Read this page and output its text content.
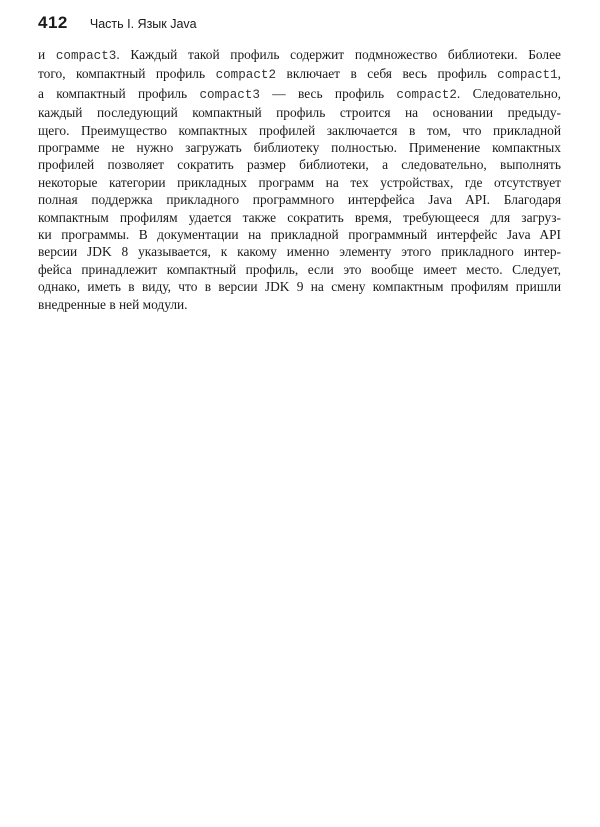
412 Часть I. Язык Java

и compact3. Каждый такой профиль содержит подмножество библиотеки. Более
того, компактный профиль compact2 включает в себя весь профиль compact1,
а компактный профиль compact3 — весь профиль compact2. Следовательно,
каждый последующий компактный профиль строится на основании предыду-
щего. Преимущество компактных профилей заключается в том, что прикладной
программе не нужно загружать библиотеку полностью. Применение компактных
профилей позволяет сократить размер библиотеки, а следовательно, выполнять
некоторые категории прикладных программ на тех устройствах, где отсутствует
полная поддержка прикладного программного интерфейса Java API. Благодаря
компактным профилям удается также сократить время, требующееся для загруз-
ки программы. В документации на прикладной программный интерфейс Java API
версии JDK 8 указывается, к какому именно элементу этого прикладного интер-
фейса принадлежит компактный профиль, если это вообще имеет место. Следует,
однако, иметь в виду, что в версии JDK 9 на смену компактным профилям пришли
внедренные в ней модули.
